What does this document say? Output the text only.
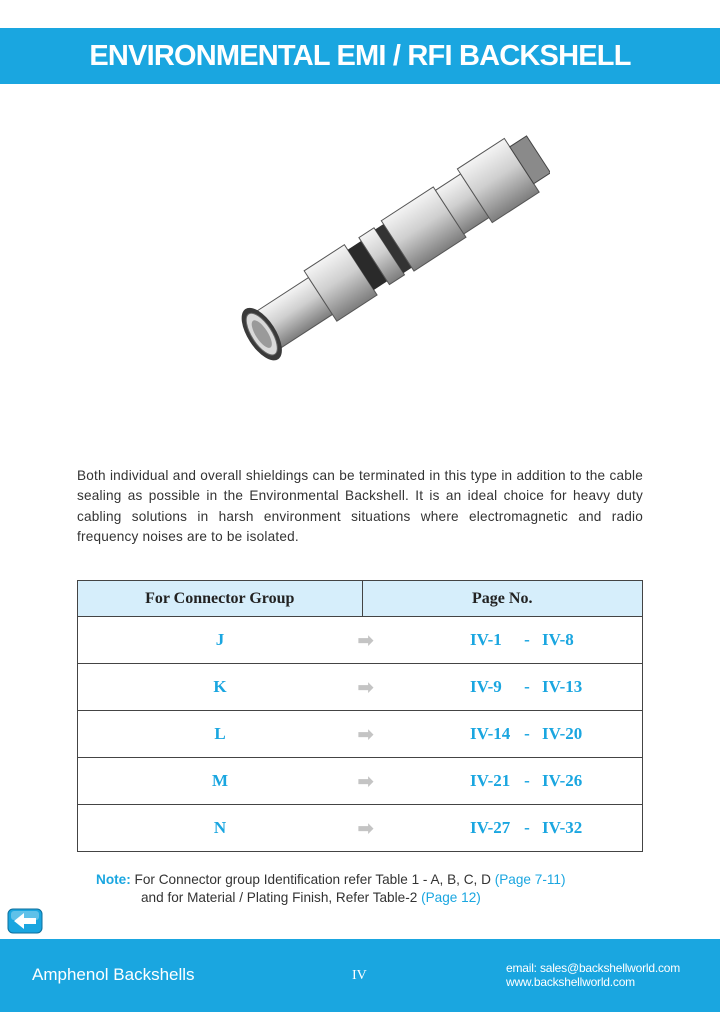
ENVIRONMENTAL EMI / RFI BACKSHELL

Both individual and overall shieldings can be terminated in this type in addition to the cable sealing as possible in the Environmental Backshell. It is an ideal choice for heavy duty cabling solutions in harsh environment situations where electromagnetic and radio frequency noises are to be isolated.

For Connector Group	Page No.
J ➡	IV-1 - IV-8
K ➡	IV-9 - IV-13
L ➡	IV-14 - IV-20
M ➡	IV-21 - IV-26
N ➡	IV-27 - IV-32
Note: For Connector group Identification refer Table 1 - A, B, C, D (Page 7-11)
and for Material / Plating Finish, Refer Table-2 (Page 12)
Amphenol Backshells	IV	email: sales@backshellworld.com
www.backshellworld.com
